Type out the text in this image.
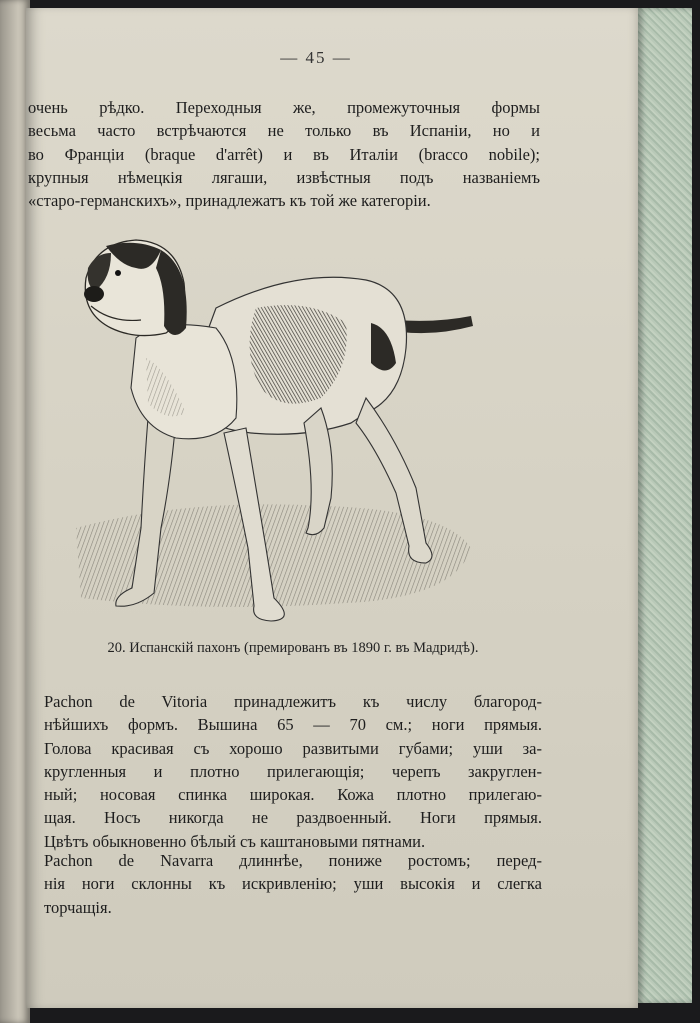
— 45 —
очень рѣдко. Переходныя же, промежуточныя формы
весьма часто встрѣчаются не только въ Испаніи, но и
во Франціи (braque d'arrêt) и въ Италіи (bracco nobile);
крупныя нѣмецкія лягаши, извѣстныя подъ названіемъ
«старо-германскихъ», принадлежатъ къ той же категоріи.
20. Испанскій пахонъ (премированъ въ 1890 г. въ Мадридѣ).
Pachon de Vitoria принадлежитъ къ числу благород-
нѣйшихъ формъ. Вышина 65 — 70 см.; ноги прямыя.
Голова красивая съ хорошо развитыми губами; уши за-
кругленныя и плотно прилегающія; черепъ закруглен-
ный; носовая спинка широкая. Кожа плотно прилегаю-
щая. Носъ никогда не раздвоенный. Ноги прямыя.
Цвѣтъ обыкновенно бѣлый съ каштановыми пятнами.
Pachon de Navarra длиннѣе, пониже ростомъ; перед-
нія ноги склонны къ искривленію; уши высокія и слегка
торчащія.
